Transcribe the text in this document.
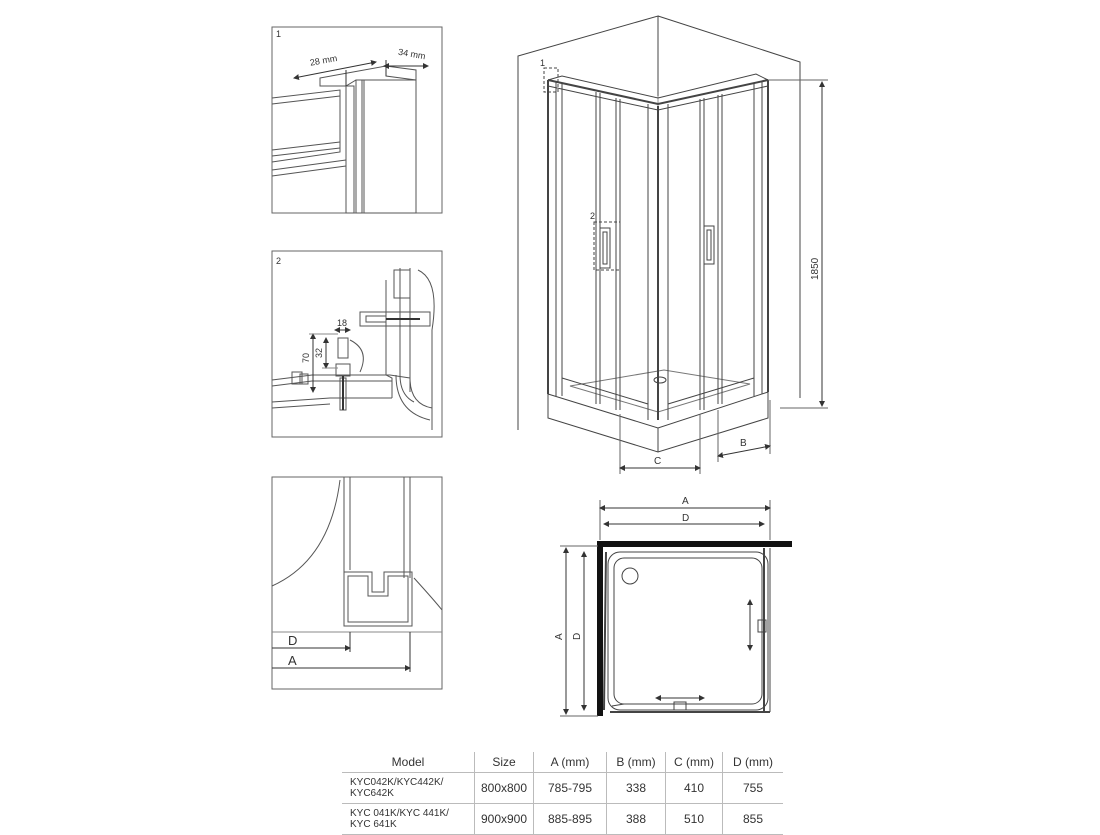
1
28 mm	34 mm
2
18
32
70
D
A
1
2
1850
B
C
A
D
A D
Model	Size	A (mm)	B (mm)	C (mm)	D (mm)
KYC042K/KYC442K/
KYC642K	800x800	785-795	338	410	755
KYC 041K/KYC 441K/
KYC 641K	900x900	885-895	388	510	855
